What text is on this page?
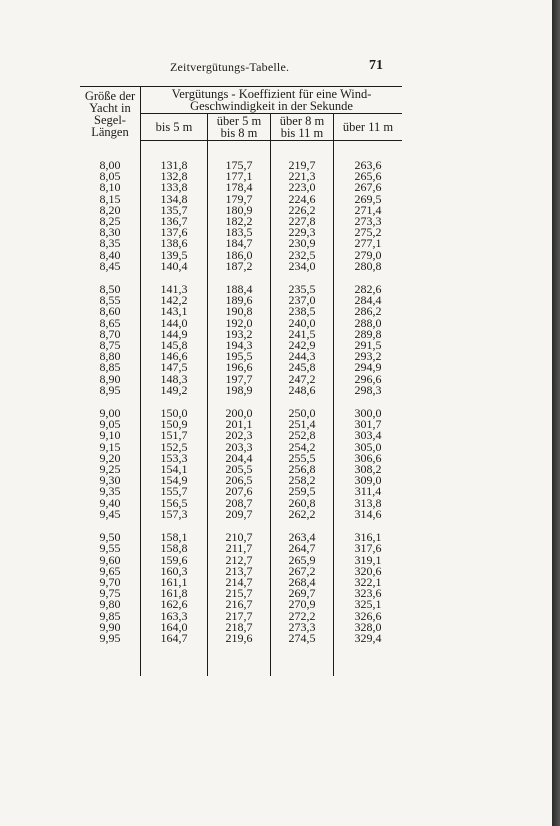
Zeitvergütungs-Tabelle.	71
Größe der Yacht in Segel-Längen	Vergütungs - Koeffizient für eine Wind-Geschwindigkeit in der Sekunde			
	bis 5 m	über 5 m bis 8 m	über 8 m bis 11 m	über 11 m

8,00	131,8	175,7	219,7	263,6
8,05	132,8	177,1	221,3	265,6
8,10	133,8	178,4	223,0	267,6
8,15	134,8	179,7	224,6	269,5
8,20	135,7	180,9	226,2	271,4
8,25	136,7	182,2	227,8	273,3
8,30	137,6	183,5	229,3	275,2
8,35	138,6	184,7	230,9	277,1
8,40	139,5	186,0	232,5	279,0
8,45	140,4	187,2	234,0	280,8

8,50	141,3	188,4	235,5	282,6
8,55	142,2	189,6	237,0	284,4
8,60	143,1	190,8	238,5	286,2
8,65	144,0	192,0	240,0	288,0
8,70	144,9	193,2	241,5	289,8
8,75	145,8	194,3	242,9	291,5
8,80	146,6	195,5	244,3	293,2
8,85	147,5	196,6	245,8	294,9
8,90	148,3	197,7	247,2	296,6
8,95	149,2	198,9	248,6	298,3

9,00	150,0	200,0	250,0	300,0
9,05	150,9	201,1	251,4	301,7
9,10	151,7	202,3	252,8	303,4
9,15	152,5	203,3	254,2	305,0
9,20	153,3	204,4	255,5	306,6
9,25	154,1	205,5	256,8	308,2
9,30	154,9	206,5	258,2	309,0
9,35	155,7	207,6	259,5	311,4
9,40	156,5	208,7	260,8	313,8
9,45	157,3	209,7	262,2	314,6

9,50	158,1	210,7	263,4	316,1
9,55	158,8	211,7	264,7	317,6
9,60	159,6	212,7	265,9	319,1
9,65	160,3	213,7	267,2	320,6
9,70	161,1	214,7	268,4	322,1
9,75	161,8	215,7	269,7	323,6
9,80	162,6	216,7	270,9	325,1
9,85	163,3	217,7	272,2	326,6
9,90	164,0	218,7	273,3	328,0
9,95	164,7	219,6	274,5	329,4
